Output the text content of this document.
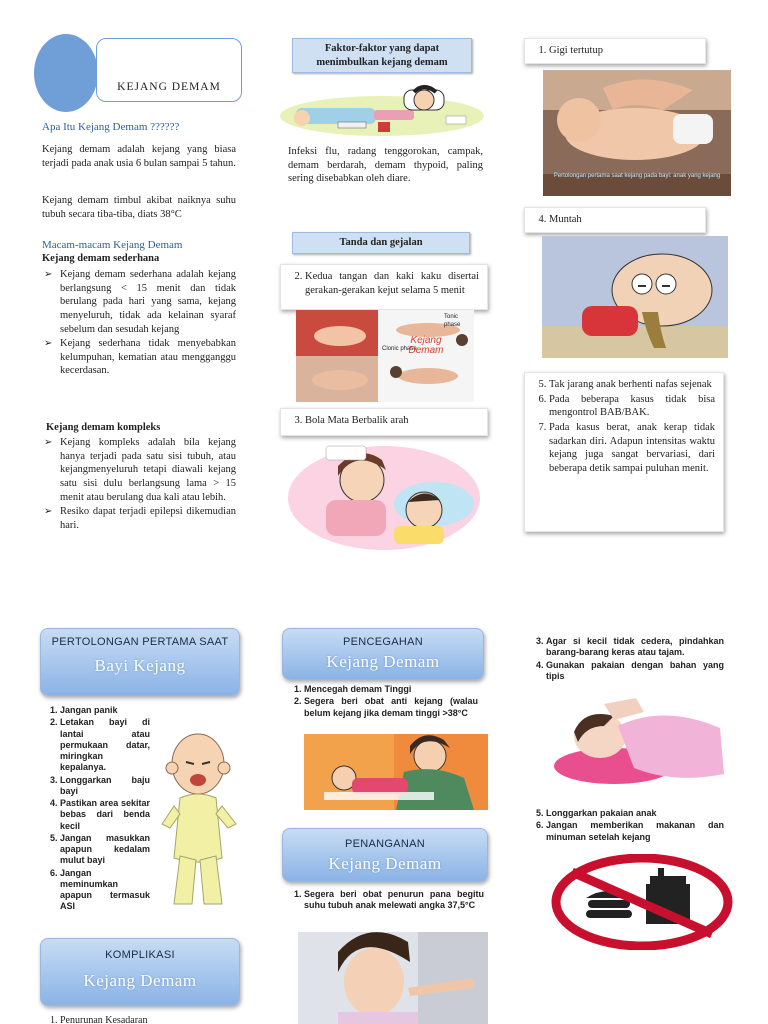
KEJANG DEMAM
Apa Itu Kejang Demam ??????
Kejang demam adalah kejang yang biasa terjadi pada anak usia 6 bulan sampai 5 tahun.
Kejang demam timbul akibat naiknya suhu tubuh secara tiba-tiba, diats 38°C
Macam-macam Kejang Demam
Kejang demam sederhana
➢ Kejang demam sederhana adalah kejang berlangsung < 15 menit dan tidak berulang pada hari yang sama, kejang menyeluruh, tidak ada kelainan syaraf sebelum dan sesudah kejang
➢ Kejang sederhana tidak menyebabkan kelumpuhan, kematian atau mengganggu kecerdasan.
Kejang demam kompleks
➢ Kejang kompleks adalah bila kejang hanya terjadi pada satu sisi tubuh, atau kejangmenyeluruh tetapi diawali kejang satu sisi dulu berlangsung lama > 15 menit atau berulang dua kali atau lebih.
➢ Resiko dapat terjadi epilepsi dikemudian hari.
Faktor-faktor yang dapat menimbulkan kejang demam
Infeksi flu, radang tenggorokan, campak, demam berdarah, demam thypoid, paling sering disebabkan oleh diare.
Tanda dan gejalan
2. Kedua tangan dan kaki kaku disertai gerakan-gerakan kejut selama 5 menit
Tonic phase
Clonic phase
Kejang Demam
3. Bola Mata Berbalik arah
1. Gigi tertutup
Pertolongan pertama saat kejang pada bayi: anak yang kejang
4. Muntah
5. Tak jarang anak berhenti nafas sejenak
6. Pada beberapa kasus tidak bisa mengontrol BAB/BAK.
7. Pada kasus berat, anak kerap tidak sadarkan diri. Adapun intensitas waktu kejang juga sangat bervariasi, dari beberapa detik sampai puluhan menit.
PERTOLONGAN PERTAMA SAAT
Bayi Kejang
1. Jangan panik
2. Letakan bayi di lantai atau permukaan datar, miringkan kepalanya.
3. Longgarkan baju bayi
4. Pastikan area sekitar bebas dari benda kecil
5. Jangan masukkan apapun kedalam mulut bayi
6. Jangan meminumkan apapun termasuk ASI
KOMPLIKASI
Kejang Demam
1. Penurunan Kesadaran
PENCEGAHAN
Kejang Demam
1. Mencegah demam Tinggi
2. Segera beri obat anti kejang (walau belum kejang jika demam tinggi >38°C
PENANGANAN
Kejang Demam
1. Segera beri obat penurun pana begitu suhu tubuh anak melewati angka 37,5°C
3. Agar si kecil tidak cedera, pindahkan barang-barang keras atau tajam.
4. Gunakan pakaian dengan bahan yang tipis
5. Longgarkan pakaian anak
6. Jangan memberikan makanan dan minuman setelah kejang
